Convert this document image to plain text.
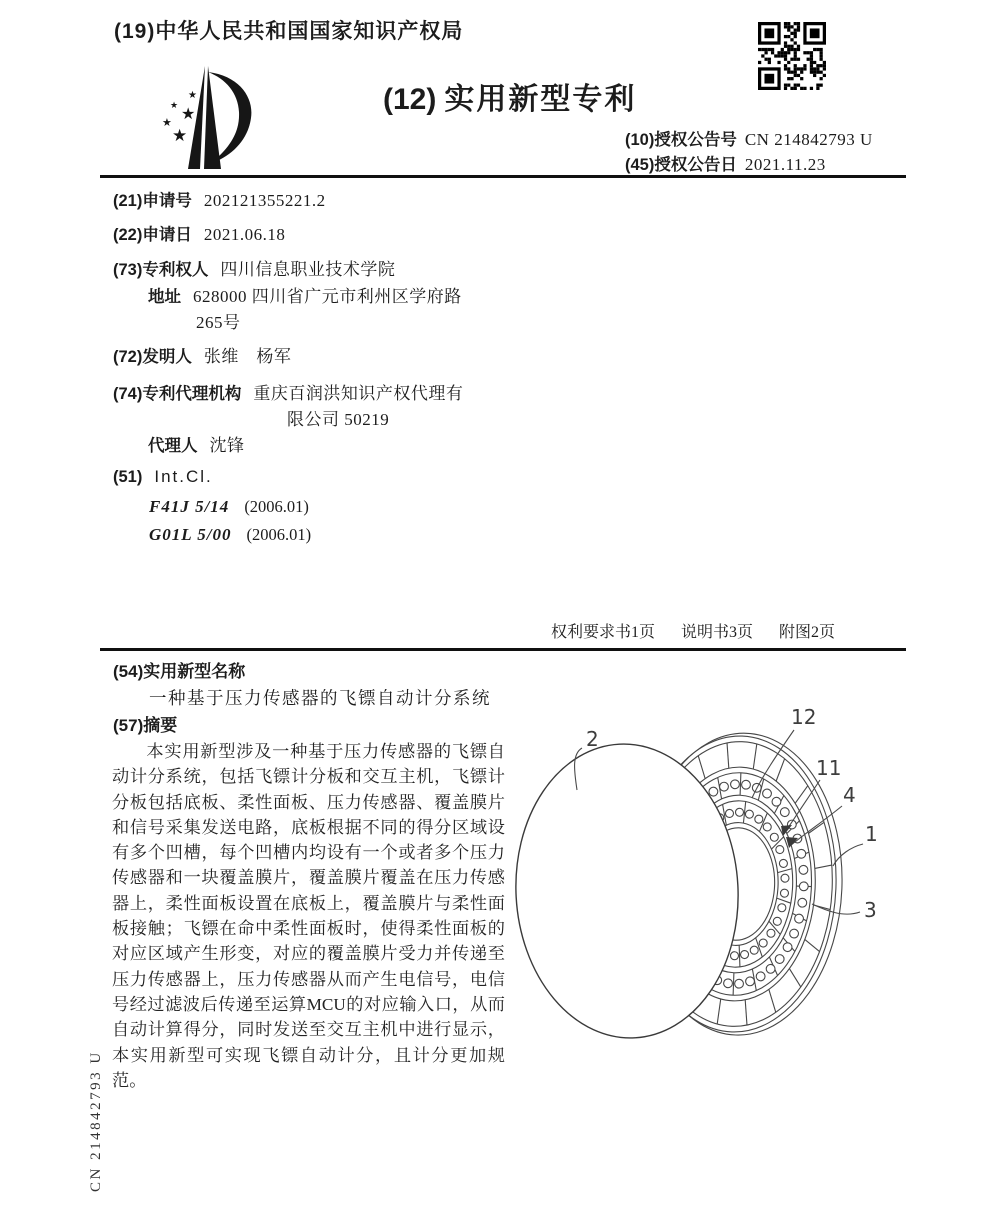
(19)中华人民共和国国家知识产权局
★
★
★
★
★
(12) 实用新型专利
(10)授权公告号 CN 214842793 U
(45)授权公告日 2021.11.23
(21)申请号 202121355221.2
(22)申请日 2021.06.18
(73)专利权人 四川信息职业技术学院
地址 628000 四川省广元市利州区学府路
265号
(72)发明人 张维　杨军
(74)专利代理机构 重庆百润洪知识产权代理有
限公司 50219
代理人 沈锋
(51) Int.Cl.
F41J 5/14 (2006.01)
G01L 5/00 (2006.01)
权利要求书1页 说明书3页 附图2页
(54)实用新型名称
一种基于压力传感器的飞镖自动计分系统
(57)摘要
本实用新型涉及一种基于压力传感器的飞镖自动计分系统，包括飞镖计分板和交互主机，飞镖计分板包括底板、柔性面板、压力传感器、覆盖膜片和信号采集发送电路，底板根据不同的得分区域设有多个凹槽，每个凹槽内均设有一个或者多个压力传感器和一块覆盖膜片，覆盖膜片覆盖在压力传感器上，柔性面板设置在底板上，覆盖膜片与柔性面板接触；飞镖在命中柔性面板时，使得柔性面板的对应区域产生形变，对应的覆盖膜片受力并传递至压力传感器上，压力传感器从而产生电信号，电信号经过滤波后传递至运算MCU的对应输入口，从而自动计算得分，同时发送至交互主机中进行显示，本实用新型可实现飞镖自动计分，且计分更加规范。
2
12
11
4
1
3
CN 214842793 U
